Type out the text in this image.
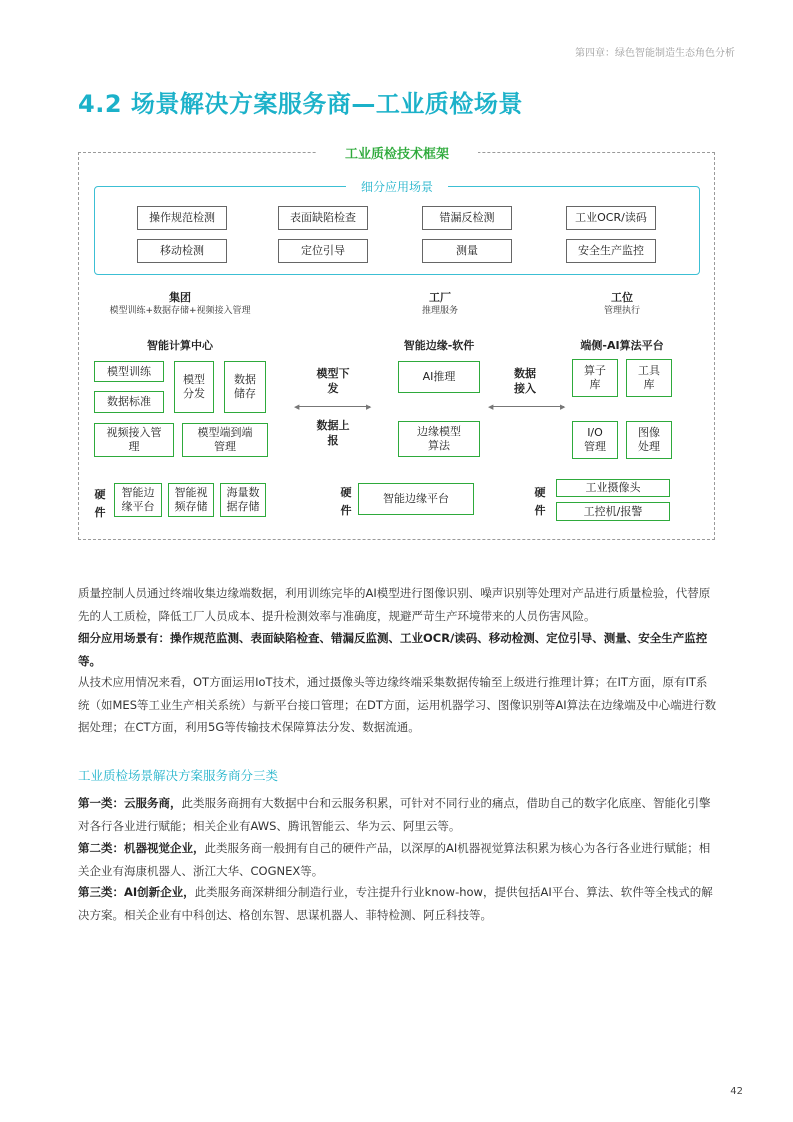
第四章：绿色智能制造生态角色分析
4.2 场景解决方案服务商—工业质检场景
工业质检技术框架
细分应用场景
操作规范检测	表面缺陷检查	错漏反检测	工业OCR/读码
移动检测	定位引导	测量	安全生产监控
集团
模型训练+数据存储+视频接入管理
工厂
推理服务
工位
管理执行
智能计算中心
模型训练
数据标准
模型分发
数据储存
视频接入管理
模型端到端管理
模型下发
◀	▶
数据上报
智能边缘-软件
AI推理
边缘模型算法
数据接入
◀	▶
端侧-AI算法平台
算子库
工具库
I/O管理
图像处理
硬件
智能边缘平台
智能视频存储
海量数据存储
硬件
智能边缘平台	硬件
工业摄像头
工控机/报警
质量控制人员通过终端收集边缘端数据，利用训练完毕的AI模型进行图像识别、噪声识别等处理对产品进行质量检验，代替原先的人工质检，降低工厂人员成本、提升检测效率与准确度，规避严苛生产环境带来的人员伤害风险。
细分应用场景有：操作规范监测、表面缺陷检查、错漏反监测、工业OCR/读码、移动检测、定位引导、测量、安全生产监控等。
从技术应用情况来看，OT方面运用IoT技术，通过摄像头等边缘终端采集数据传输至上级进行推理计算；在IT方面，原有IT系统（如MES等工业生产相关系统）与新平台接口管理；在DT方面，运用机器学习、图像识别等AI算法在边缘端及中心端进行数据处理；在CT方面，利用5G等传输技术保障算法分发、数据流通。
工业质检场景解决方案服务商分三类
第一类：云服务商，此类服务商拥有大数据中台和云服务积累，可针对不同行业的痛点，借助自己的数字化底座、智能化引擎对各行各业进行赋能；相关企业有AWS、腾讯智能云、华为云、阿里云等。
第二类：机器视觉企业，此类服务商一般拥有自己的硬件产品，以深厚的AI机器视觉算法积累为核心为各行各业进行赋能；相关企业有海康机器人、浙江大华、COGNEX等。
第三类：AI创新企业，此类服务商深耕细分制造行业，专注提升行业know-how，提供包括AI平台、算法、软件等全栈式的解决方案。相关企业有中科创达、格创东智、思谋机器人、菲特检测、阿丘科技等。
42
